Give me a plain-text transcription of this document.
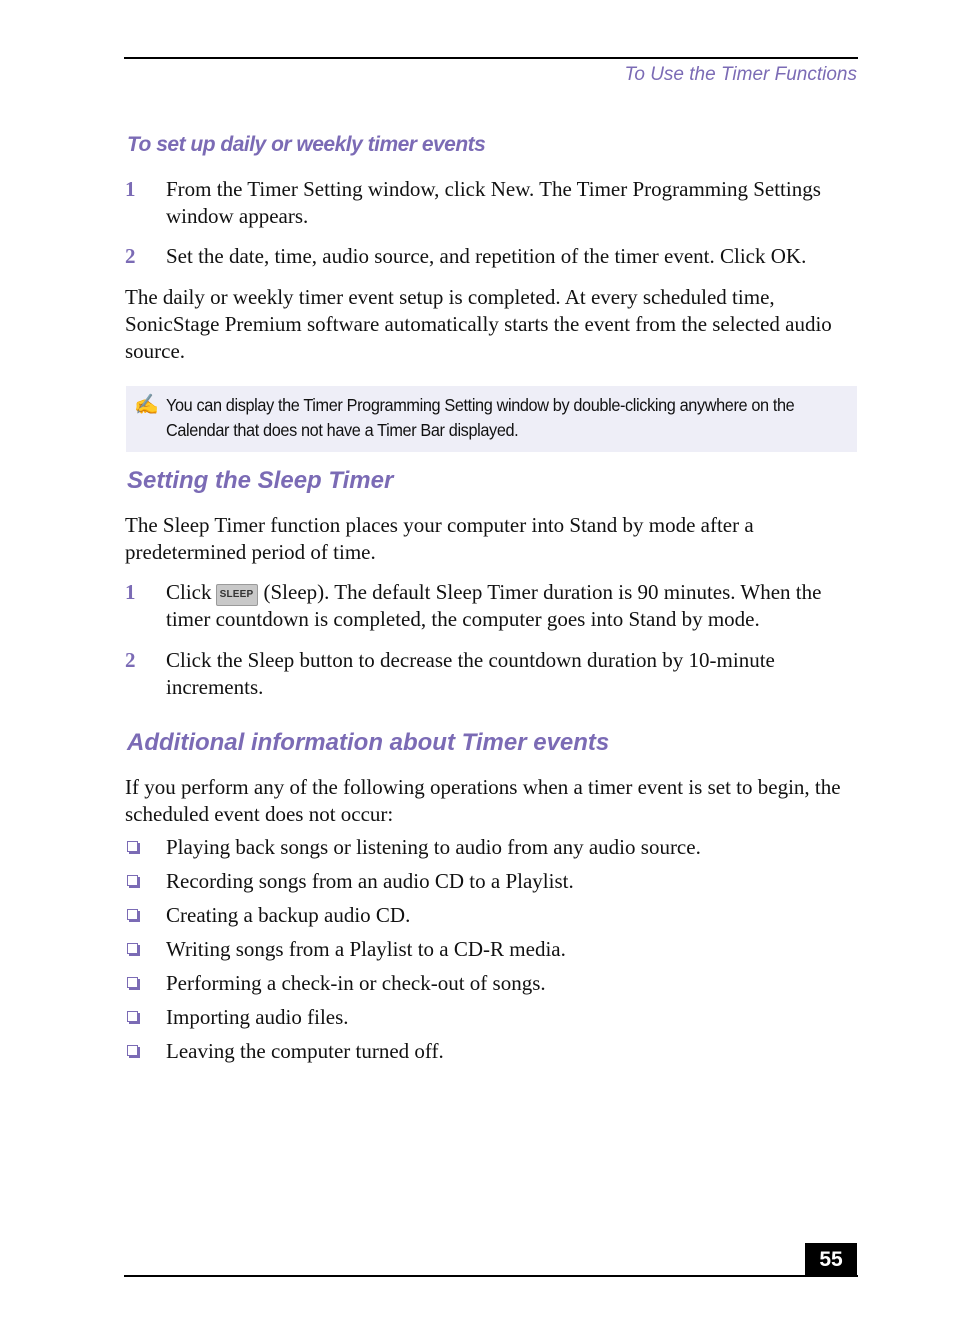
To Use the Timer Functions
To set up daily or weekly timer events
1 From the Timer Setting window, click New. The Timer Programming Settings window appears.
2 Set the date, time, audio source, and repetition of the timer event. Click OK.
The daily or weekly timer event setup is completed. At every scheduled time, SonicStage Premium software automatically starts the event from the selected audio source.
✍ You can display the Timer Programming Setting window by double-clicking anywhere on the Calendar that does not have a Timer Bar displayed.
Setting the Sleep Timer
The Sleep Timer function places your computer into Stand by mode after a predetermined period of time.
1 Click SLEEP (Sleep). The default Sleep Timer duration is 90 minutes. When the timer countdown is completed, the computer goes into Stand by mode.
2 Click the Sleep button to decrease the countdown duration by 10-minute increments.
Additional information about Timer events
If you perform any of the following operations when a timer event is set to begin, the scheduled event does not occur:
Playing back songs or listening to audio from any audio source.
Recording songs from an audio CD to a Playlist.
Creating a backup audio CD.
Writing songs from a Playlist to a CD-R media.
Performing a check-in or check-out of songs.
Importing audio files.
Leaving the computer turned off.
55
